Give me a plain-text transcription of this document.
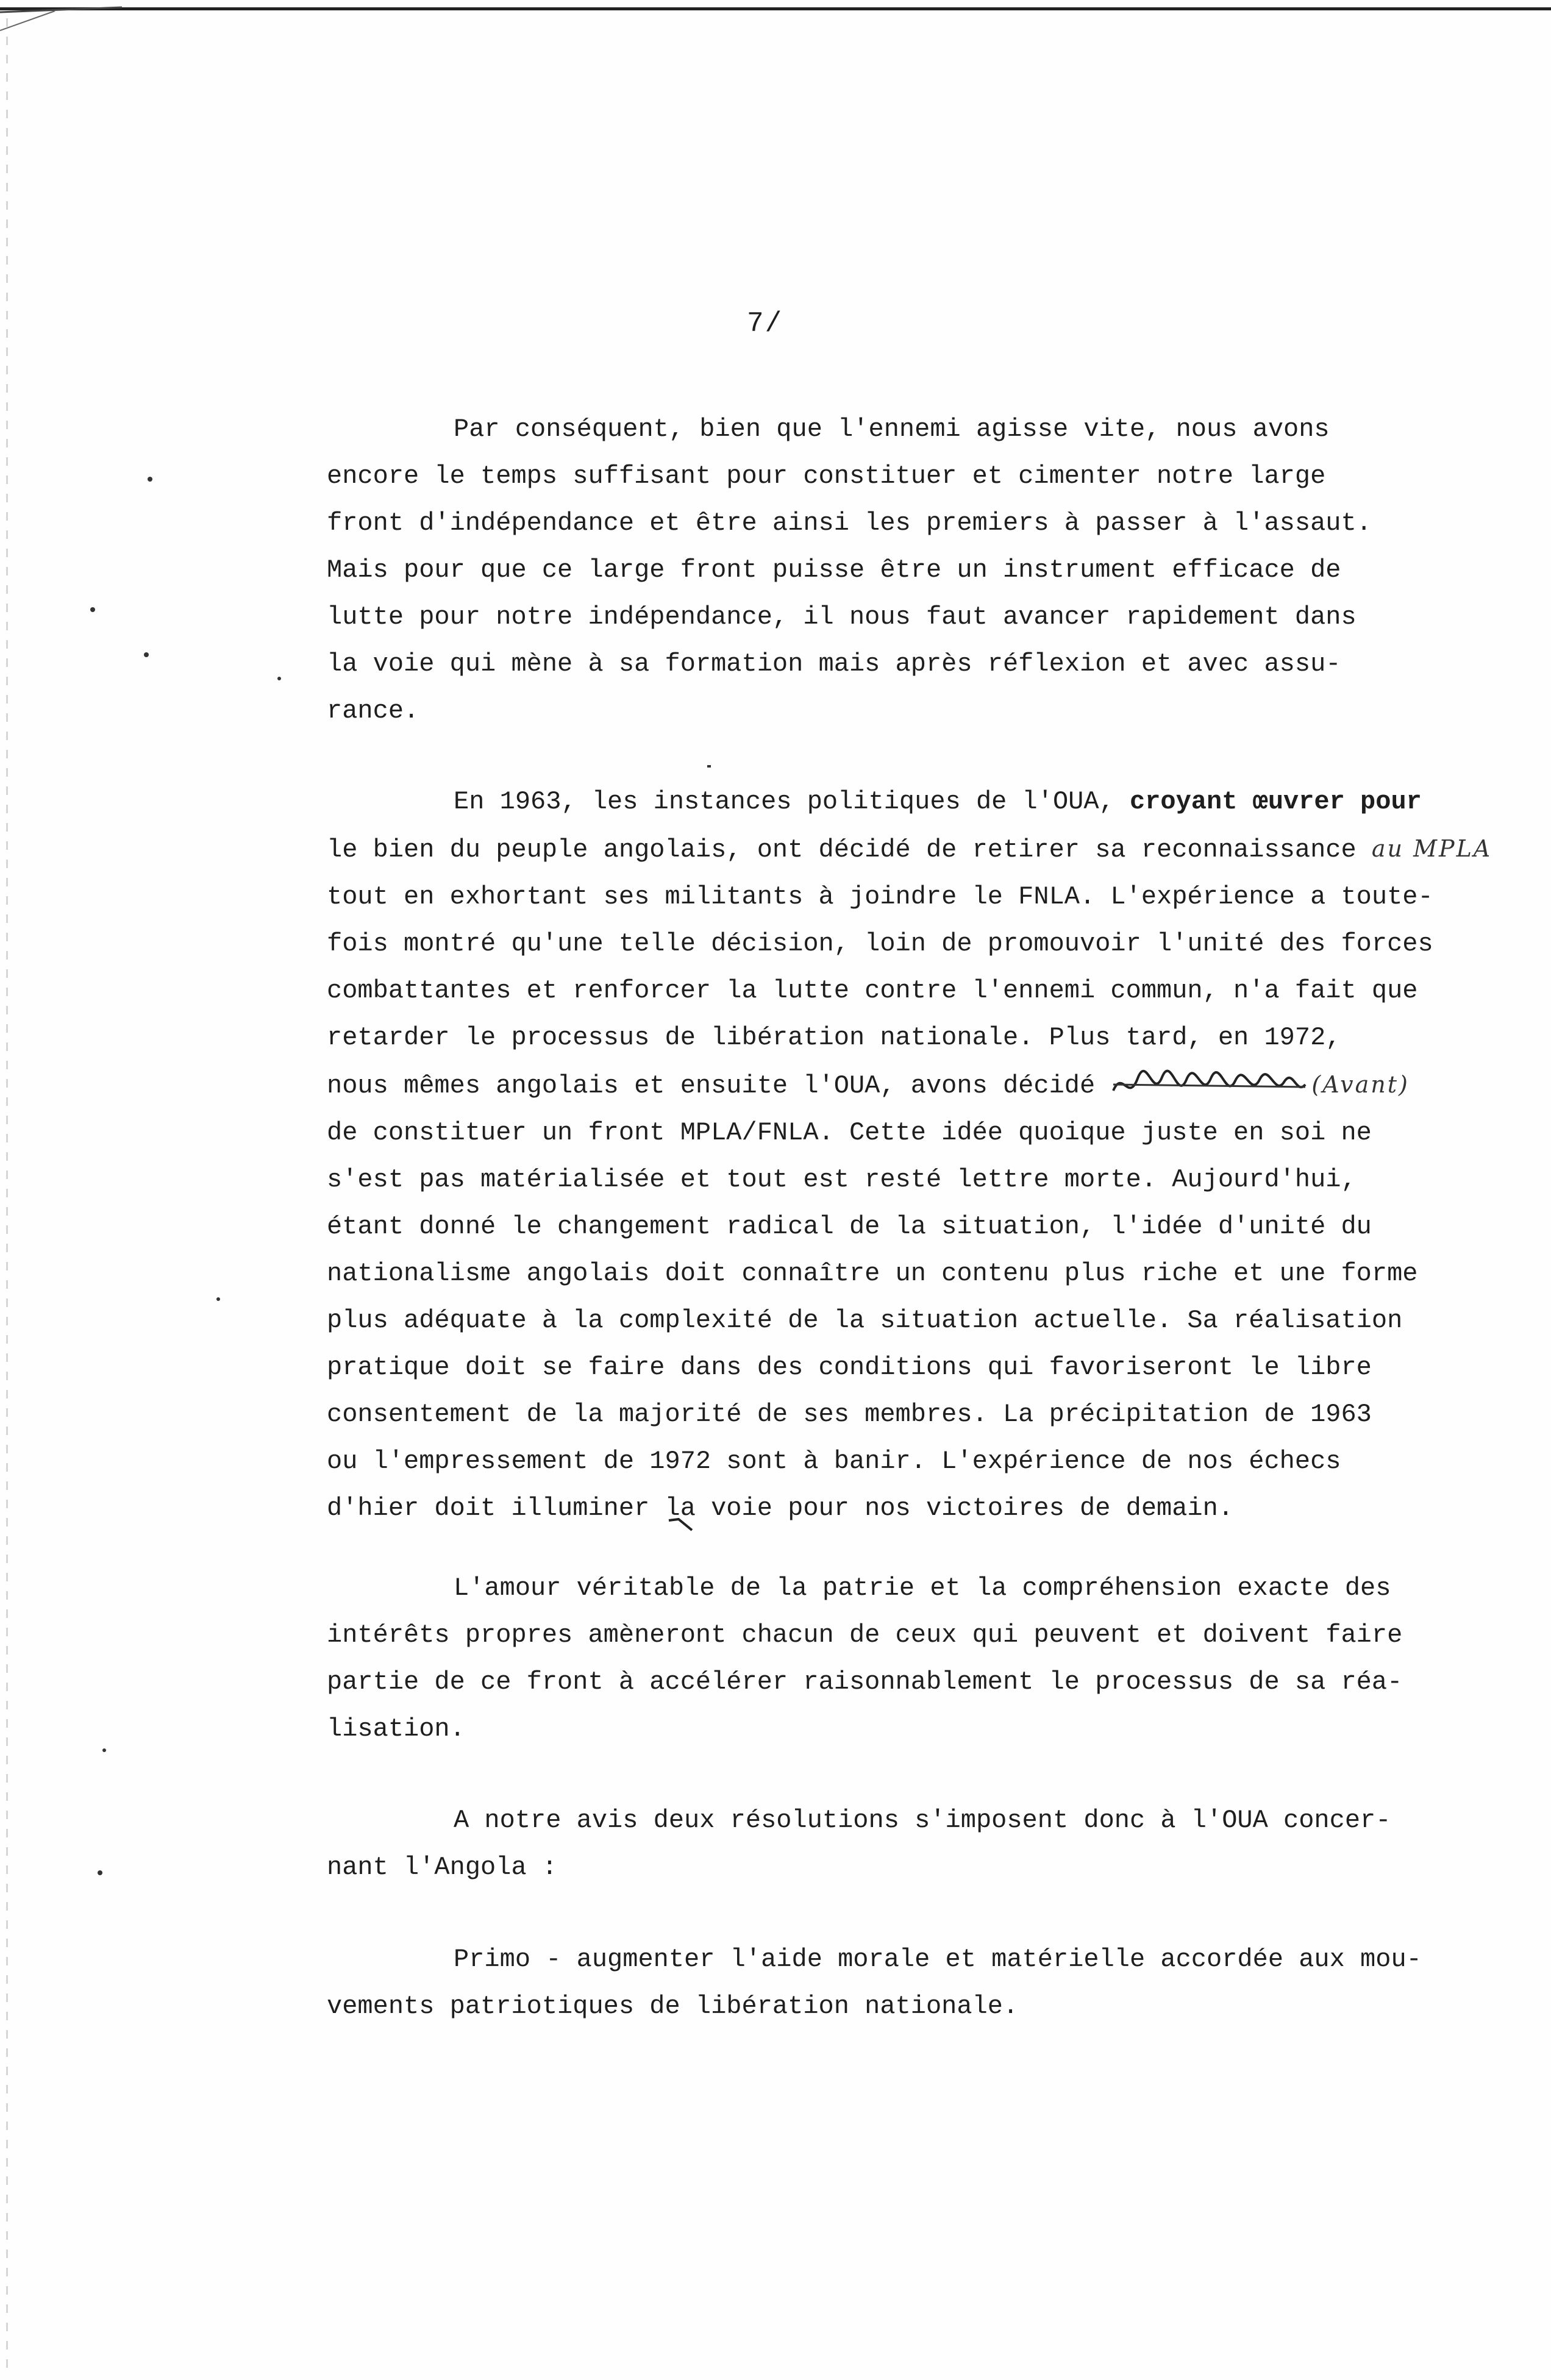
7/
Par conséquent, bien que l'ennemi agisse vite, nous avons
encore le temps suffisant pour constituer et cimenter notre large
front d'indépendance et être ainsi les premiers à passer à l'assaut.
Mais pour que ce large front puisse être un instrument efficace de
lutte pour notre indépendance, il nous faut avancer rapidement dans
la voie qui mène à sa formation mais après réflexion et avec assu-
rance.
En 1963, les instances politiques de l'OUA, croyant œuvrer pour
le bien du peuple angolais, ont décidé de retirer sa reconnaissance au MPLA
tout en exhortant ses militants à joindre le FNLA. L'expérience a toute-
fois montré qu'une telle décision, loin de promouvoir l'unité des forces
combattantes et renforcer la lutte contre l'ennemi commun, n'a fait que
retarder le processus de libération nationale. Plus tard, en 1972,
nous mêmes angolais et ensuite l'OUA, avons décidé	(Avant)
de constituer un front MPLA/FNLA. Cette idée quoique juste en soi ne
s'est pas matérialisée et tout est resté lettre morte. Aujourd'hui,
étant donné le changement radical de la situation, l'idée d'unité du
nationalisme angolais doit connaître un contenu plus riche et une forme
plus adéquate à la complexité de la situation actuelle. Sa réalisation
pratique doit se faire dans des conditions qui favoriseront le libre
consentement de la majorité de ses membres. La précipitation de 1963
ou l'empressement de 1972 sont à banir. L'expérience de nos échecs
d'hier doit illuminer la voie pour nos victoires de demain.
L'amour véritable de la patrie et la compréhension exacte des
intérêts propres amèneront chacun de ceux qui peuvent et doivent faire
partie de ce front à accélérer raisonnablement le processus de sa réa-
lisation.
A notre avis deux résolutions s'imposent donc à l'OUA concer-
nant l'Angola :
Primo - augmenter l'aide morale et matérielle accordée aux mou-
vements patriotiques de libération nationale.
